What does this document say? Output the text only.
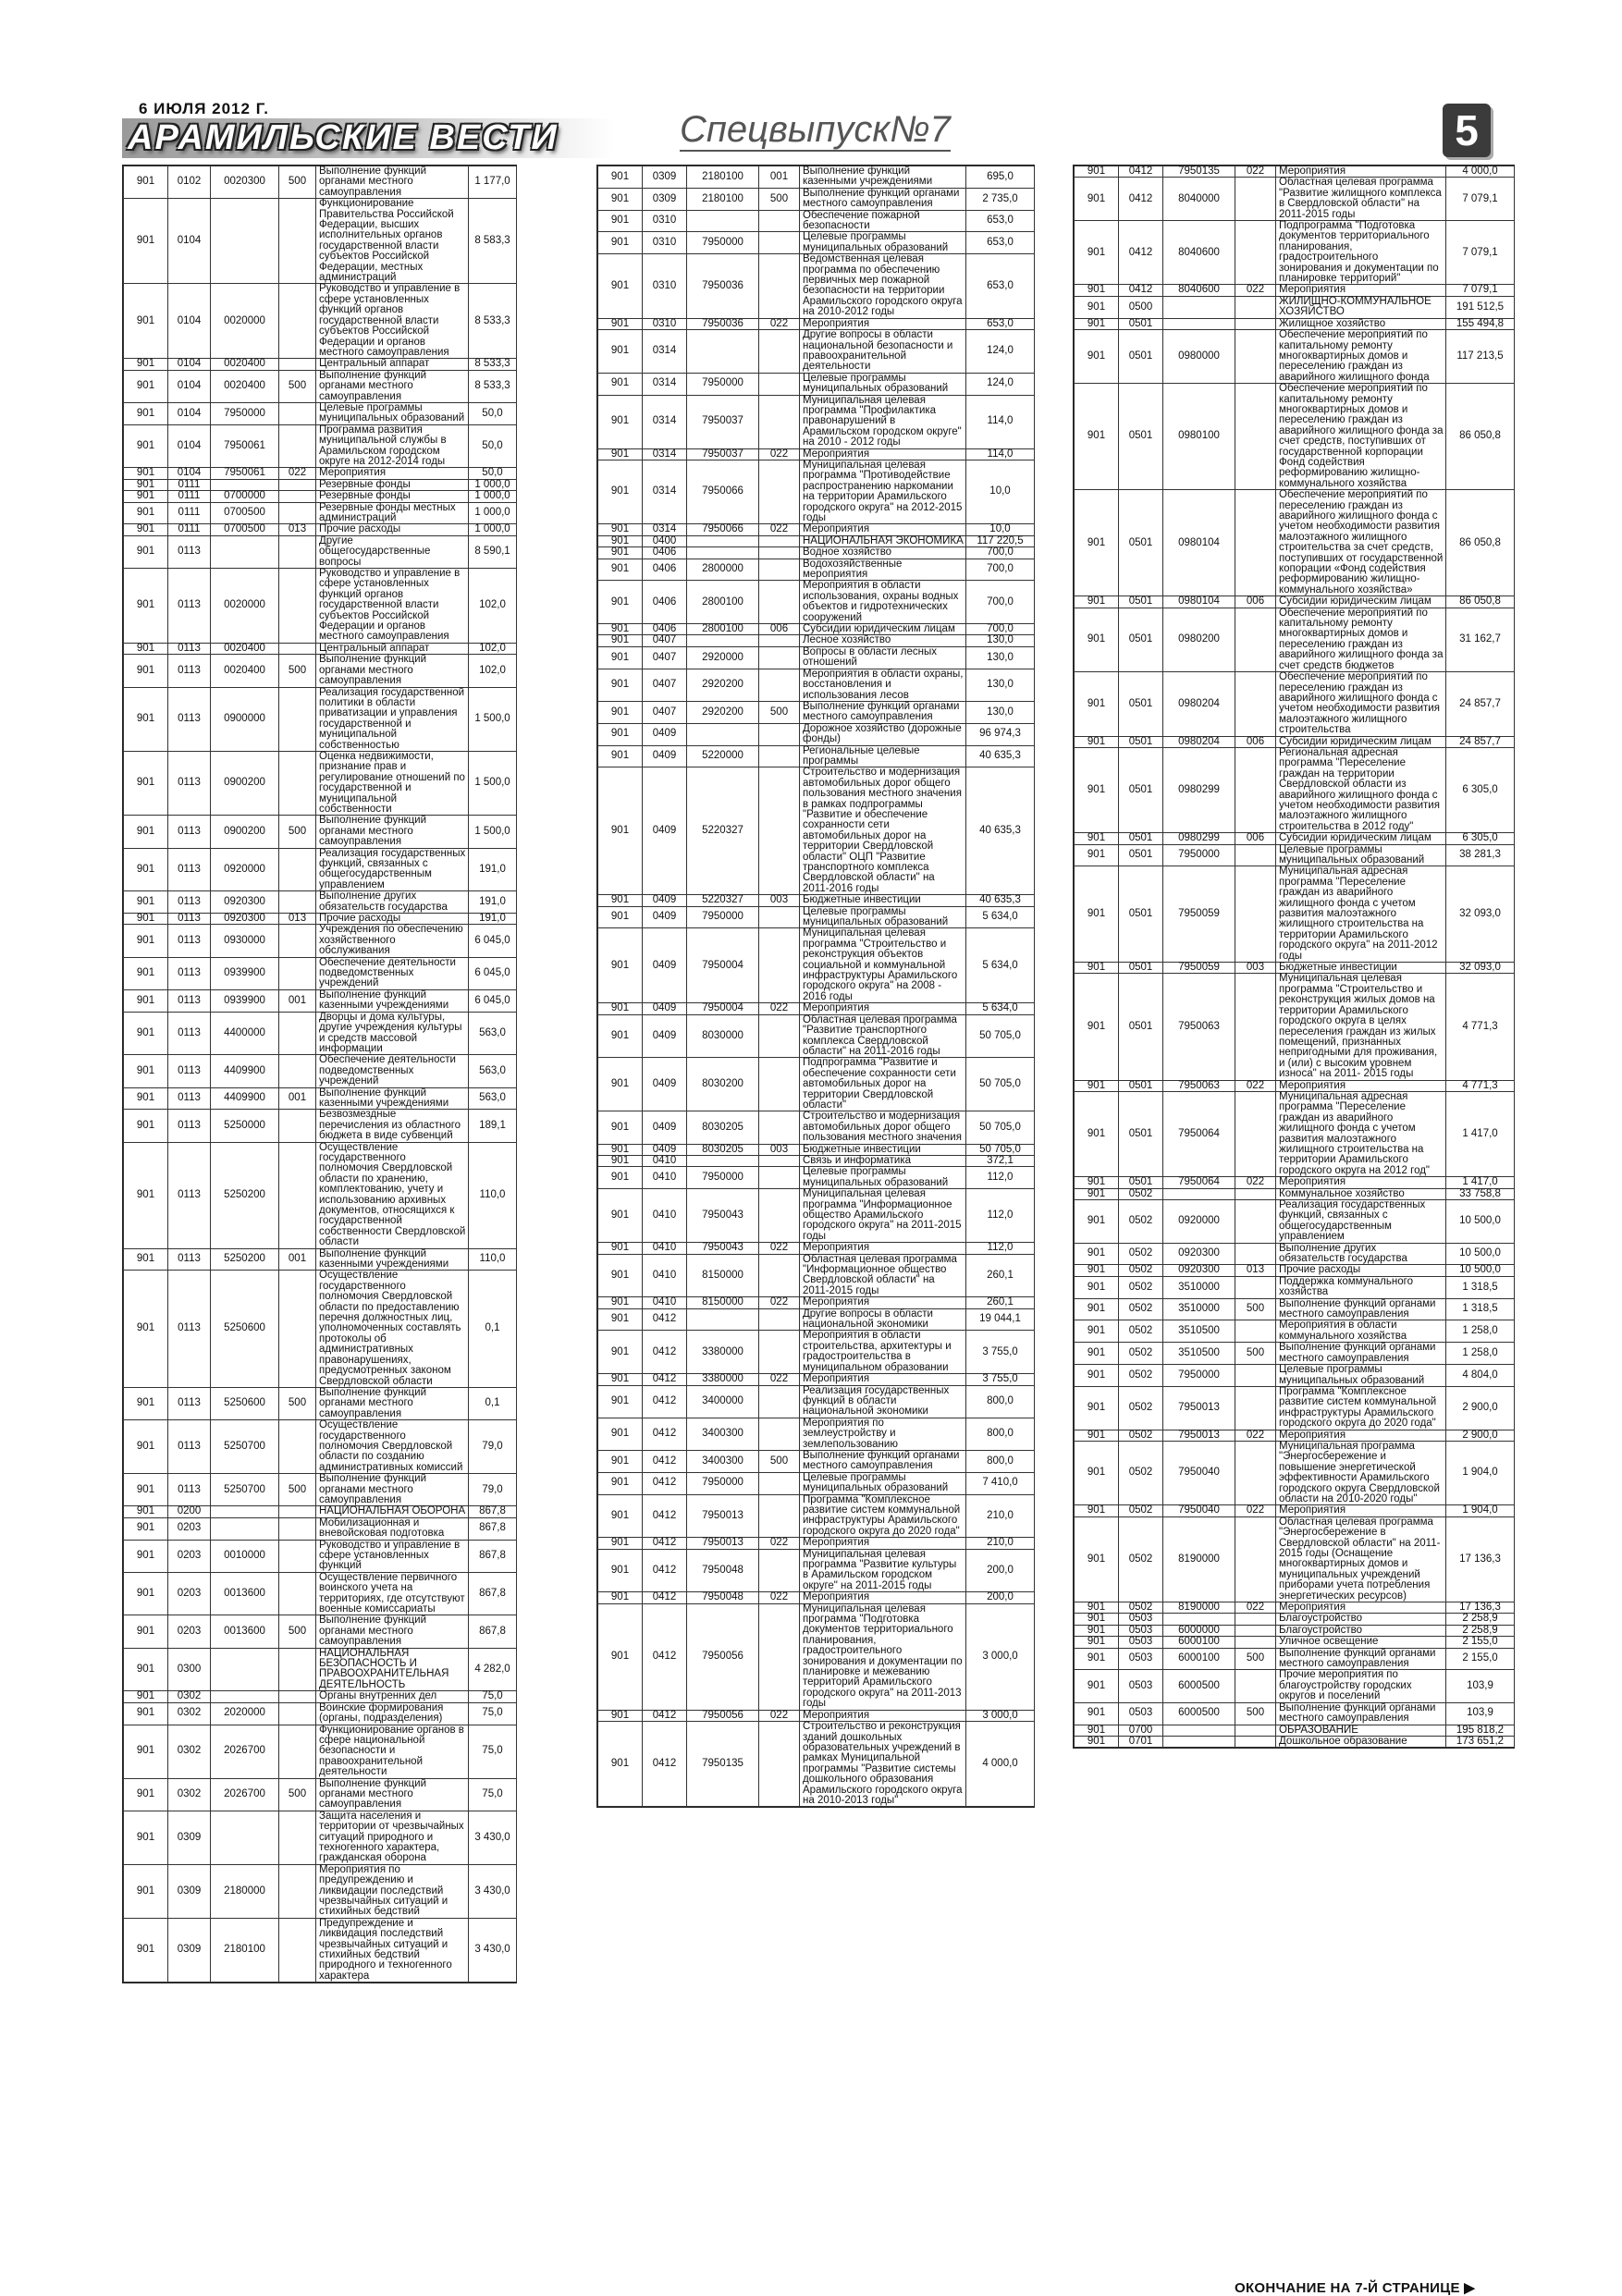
6 ИЮЛЯ 2012 Г.
АРАМИЛЬСКИЕ ВЕСТИ	Спецвыпуск№7	5
901	0102	0020300	500	Выполнение функций органами местного самоуправления	1 177,0
901	0104			Функционирование Правительства Российской Федерации, высших исполнительных органов государственной власти субъектов Российской Федерации, местных администраций	8 583,3
901	0104	0020000		Руководство и управление в сфере установленных функций органов государственной власти субъектов Российской Федерации и органов местного самоуправления	8 533,3
901	0104	0020400		Центральный аппарат	8 533,3
901	0104	0020400	500	Выполнение функций органами местного самоуправления	8 533,3
901	0104	7950000		Целевые программы муниципальных образований	50,0
901	0104	7950061		Программа развития муниципальной службы в Арамильском городском округе на 2012-2014 годы	50,0
901	0104	7950061	022	Мероприятия	50,0
901	0111			Резервные фонды	1 000,0
901	0111	0700000		Резервные фонды	1 000,0
901	0111	0700500		Резервные фонды местных администраций	1 000,0
901	0111	0700500	013	Прочие расходы	1 000,0
901	0113			Другие общегосударственные вопросы	8 590,1
901	0113	0020000		Руководство и управление в сфере установленных функций органов государственной власти субъектов Российской Федерации и органов местного самоуправления	102,0
901	0113	0020400		Центральный аппарат	102,0
901	0113	0020400	500	Выполнение функций органами местного самоуправления	102,0
901	0113	0900000		Реализация государственной политики в области приватизации и управления государственной и муниципальной собственностью	1 500,0
901	0113	0900200		Оценка недвижимости, признание прав и регулирование отношений по государственной и муниципальной собственности	1 500,0
901	0113	0900200	500	Выполнение функций органами местного самоуправления	1 500,0
901	0113	0920000		Реализация государственных функций, связанных с общегосударственным управлением	191,0
901	0113	0920300		Выполнение других обязательств государства	191,0
901	0113	0920300	013	Прочие расходы	191,0
901	0113	0930000		Учреждения по обеспечению хозяйственного обслуживания	6 045,0
901	0113	0939900		Обеспечение деятельности подведомственных учреждений	6 045,0
901	0113	0939900	001	Выполнение функций казенными учреждениями	6 045,0
901	0113	4400000		Дворцы и дома культуры, другие учреждения культуры и средств массовой информации	563,0
901	0113	4409900		Обеспечение деятельности подведомственных учреждений	563,0
901	0113	4409900	001	Выполнение функций казенными учреждениями	563,0
901	0113	5250000		Безвозмездные перечисления из областного бюджета в виде субвенций	189,1
901	0113	5250200		Осуществление государственного полномочия Свердловской области по хранению, комплектованию, учету и использованию архивных документов, относящихся к государственной собственности Свердловской области	110,0
901	0113	5250200	001	Выполнение функций казенными учреждениями	110,0
901	0113	5250600		Осуществление государственного полномочия Свердловской области по предоставлению перечня должностных лиц, уполномоченных составлять протоколы об административных правонарушениях, предусмотренных законом Свердловской области	0,1
901	0113	5250600	500	Выполнение функций органами местного самоуправления	0,1
901	0113	5250700		Осуществление государственного полномочия Свердловской области по созданию административных комиссий	79,0
901	0113	5250700	500	Выполнение функций органами местного самоуправления	79,0
901	0200			НАЦИОНАЛЬНАЯ ОБОРОНА	867,8
901	0203			Мобилизационная и вневойсковая подготовка	867,8
901	0203	0010000		Руководство и управление в сфере установленных функций	867,8
901	0203	0013600		Осуществление первичного воинского учета на территориях, где отсутствуют военные комиссариаты	867,8
901	0203	0013600	500	Выполнение функций органами местного самоуправления	867,8
901	0300			НАЦИОНАЛЬНАЯ БЕЗОПАСНОСТЬ И ПРАВООХРАНИТЕЛЬНАЯ ДЕЯТЕЛЬНОСТЬ	4 282,0
901	0302			Органы внутренних дел	75,0
901	0302	2020000		Воинские формирования (органы, подразделения)	75,0
901	0302	2026700		Функционирование органов в сфере национальной безопасности и правоохранительной деятельности	75,0
901	0302	2026700	500	Выполнение функций органами местного самоуправления	75,0
901	0309			Защита населения и территории от чрезвычайных ситуаций природного и техногенного характера, гражданская оборона	3 430,0
901	0309	2180000		Мероприятия по предупреждению и ликвидации последствий чрезвычайных ситуаций и стихийных бедствий	3 430,0
901	0309	2180100		Предупреждение и ликвидация последствий чрезвычайных ситуаций и стихийных бедствий природного и техногенного характера	3 430,0
901	0309	2180100	001	Выполнение функций казенными учреждениями	695,0
901	0309	2180100	500	Выполнение функций органами местного самоуправления	2 735,0
901	0310			Обеспечение пожарной безопасности	653,0
901	0310	7950000		Целевые программы муниципальных образований	653,0
901	0310	7950036		Ведомственная целевая программа по обеспечению первичных мер пожарной безопасности на территории Арамильского городского округа на 2010-2012 годы	653,0
901	0310	7950036	022	Мероприятия	653,0
901	0314			Другие вопросы в области национальной безопасности и правоохранительной деятельности	124,0
901	0314	7950000		Целевые программы муниципальных образований	124,0
901	0314	7950037		Муниципальная целевая программа "Профилактика правонарушений в Арамильском городском округе" на 2010 - 2012 годы	114,0
901	0314	7950037	022	Мероприятия	114,0
901	0314	7950066		Муниципальная целевая программа "Противодействие распространению наркомании на территории Арамильского городского округа" на 2012-2015 годы	10,0
901	0314	7950066	022	Мероприятия	10,0
901	0400			НАЦИОНАЛЬНАЯ ЭКОНОМИКА	117 220,5
901	0406			Водное хозяйство	700,0
901	0406	2800000		Водохозяйственные мероприятия	700,0
901	0406	2800100		Мероприятия в области использования, охраны водных объектов и гидротехнических сооружений	700,0
901	0406	2800100	006	Субсидии юридическим лицам	700,0
901	0407			Лесное хозяйство	130,0
901	0407	2920000		Вопросы в области лесных отношений	130,0
901	0407	2920200		Мероприятия в области охраны, восстановления и использования лесов	130,0
901	0407	2920200	500	Выполнение функций органами местного самоуправления	130,0
901	0409			Дорожное хозяйство (дорожные фонды)	96 974,3
901	0409	5220000		Региональные целевые программы	40 635,3
901	0409	5220327		Строительство и модернизация автомобильных дорог общего пользования местного значения в рамках подпрограммы "Развитие и обеспечение сохранности сети автомобильных дорог на территории Свердловской области" ОЦП "Развитие транспортного комплекса Свердловской области" на 2011-2016 годы	40 635,3
901	0409	5220327	003	Бюджетные инвестиции	40 635,3
901	0409	7950000		Целевые программы муниципальных образований	5 634,0
901	0409	7950004		Муниципальная целевая программа "Строительство и реконструкция объектов социальной и коммунальной инфраструктуры Арамильского городского округа" на 2008 - 2016 годы	5 634,0
901	0409	7950004	022	Мероприятия	5 634,0
901	0409	8030000		Областная целевая программа "Развитие транспортного комплекса Свердловской области" на 2011-2016 годы	50 705,0
901	0409	8030200		Подпрограмма "Развитие и обеспечение сохранности сети автомобильных дорог на территории Свердловской области"	50 705,0
901	0409	8030205		Строительство и модернизация автомобильных дорог общего пользования местного значения	50 705,0
901	0409	8030205	003	Бюджетные инвестиции	50 705,0
901	0410			Связь и информатика	372,1
901	0410	7950000		Целевые программы муниципальных образований	112,0
901	0410	7950043		Муниципальная целевая программа "Информационное общество Арамильского городского округа" на 2011-2015 годы	112,0
901	0410	7950043	022	Мероприятия	112,0
901	0410	8150000		Областная целевая программа "Информационное общество Свердловской области" на 2011-2015 годы	260,1
901	0410	8150000	022	Мероприятия	260,1
901	0412			Другие вопросы в области национальной экономики	19 044,1
901	0412	3380000		Мероприятия в области строительства, архитектуры и градостроительства в муниципальном образовании	3 755,0
901	0412	3380000	022	Мероприятия	3 755,0
901	0412	3400000		Реализация государственных функций в области национальной экономики	800,0
901	0412	3400300		Мероприятия по землеустройству и землепользованию	800,0
901	0412	3400300	500	Выполнение функций органами местного самоуправления	800,0
901	0412	7950000		Целевые программы муниципальных образований	7 410,0
901	0412	7950013		Программа "Комплексное развитие систем коммунальной инфраструктуры Арамильского городского округа до 2020 года"	210,0
901	0412	7950013	022	Мероприятия	210,0
901	0412	7950048		Муниципальная целевая программа "Развитие культуры в Арамильском городском округе" на 2011-2015 годы	200,0
901	0412	7950048	022	Мероприятия	200,0
901	0412	7950056		Муниципальная целевая программа "Подготовка документов территориального планирования, градостроительного зонирования и документации по планировке и межеванию территорий Арамильского городского округа" на 2011-2013 годы	3 000,0
901	0412	7950056	022	Мероприятия	3 000,0
901	0412	7950135		Строительство и реконструкция зданий дошкольных образовательных учреждений в рамках Муниципальной программы "Развитие системы дошкольного образования Арамильского городского округа на 2010-2013 годы"	4 000,0
901	0412	7950135	022	Мероприятия	4 000,0
901	0412	8040000		Областная целевая программа "Развитие жилищного комплекса в Свердловской области" на 2011-2015 годы	7 079,1
901	0412	8040600		Подпрограмма "Подготовка документов территориального планирования, градостроительного зонирования и документации по планировке территорий"	7 079,1
901	0412	8040600	022	Мероприятия	7 079,1
901	0500			ЖИЛИЩНО-КОММУНАЛЬНОЕ ХОЗЯЙСТВО	191 512,5
901	0501			Жилищное хозяйство	155 494,8
901	0501	0980000		Обеспечение мероприятий по капитальному ремонту многоквартирных домов и переселению граждан из аварийного жилищного фонда	117 213,5
901	0501	0980100		Обеспечение мероприятий по капитальному ремонту многоквартирных домов и переселению граждан из аварийного жилищного фонда за счет средств, поступивших от государственной корпорации Фонд содействия реформированию жилищно-коммунального хозяйства	86 050,8
901	0501	0980104		Обеспечение мероприятий по переселению граждан из аварийного жилищного фонда с учетом необходимости развития малоэтажного жилищного строительства за счет средств, поступивших от государственной копорации «Фонд содействия реформированию жилищно-коммунального хозяйства»	86 050,8
901	0501	0980104	006	Субсидии юридическим лицам	86 050,8
901	0501	0980200		Обеспечение мероприятий по капитальному ремонту многоквартирных домов и переселению граждан из аварийного жилищного фонда за счет средств бюджетов	31 162,7
901	0501	0980204		Обеспечение мероприятий по переселению граждан из аварийного жилищного фонда с учетом необходимости развития малоэтажного жилищного строительства	24 857,7
901	0501	0980204	006	Субсидии юридическим лицам	24 857,7
901	0501	0980299		Региональная адресная программа "Переселение граждан на территории Свердловской области из аварийного жилищного фонда с учетом необходимости развития малоэтажного жилищного строительства в 2012 году"	6 305,0
901	0501	0980299	006	Субсидии юридическим лицам	6 305,0
901	0501	7950000		Целевые программы муниципальных образований	38 281,3
901	0501	7950059		Муниципальная адресная программа "Переселение граждан из аварийного жилищного фонда с учетом развития малоэтажного жилищного строительства на территории Арамильского городского округа" на 2011-2012 годы	32 093,0
901	0501	7950059	003	Бюджетные инвестиции	32 093,0
901	0501	7950063		Муниципальная целевая программа "Строительство и реконструкция жилых домов на территории Арамильского городского округа в целях переселения граждан из жилых помещений, признанных непригодными для проживания, и (или) с высоким уровнем износа" на 2011- 2015 годы	4 771,3
901	0501	7950063	022	Мероприятия	4 771,3
901	0501	7950064		Муниципальная адресная программа "Переселение граждан из аварийного жилищного фонда с учетом развития малоэтажного жилищного строительства на территории Арамильского городского округа на 2012 год"	1 417,0
901	0501	7950064	022	Мероприятия	1 417,0
901	0502			Коммунальное хозяйство	33 758,8
901	0502	0920000		Реализация государственных функций, связанных с общегосударственным управлением	10 500,0
901	0502	0920300		Выполнение других обязательств государства	10 500,0
901	0502	0920300	013	Прочие расходы	10 500,0
901	0502	3510000		Поддержка коммунального хозяйства	1 318,5
901	0502	3510000	500	Выполнение функций органами местного самоуправления	1 318,5
901	0502	3510500		Мероприятия в области коммунального хозяйства	1 258,0
901	0502	3510500	500	Выполнение функций органами местного самоуправления	1 258,0
901	0502	7950000		Целевые программы муниципальных образований	4 804,0
901	0502	7950013		Программа "Комплексное развитие систем коммунальной инфраструктуры Арамильского городского округа до 2020 года"	2 900,0
901	0502	7950013	022	Мероприятия	2 900,0
901	0502	7950040		Муниципальная программа "Энергосбережение и повышение энергетической эффективности Арамильского городского округа Свердловской области на 2010-2020 годы"	1 904,0
901	0502	7950040	022	Мероприятия	1 904,0
901	0502	8190000		Областная целевая программа "Энергосбережение в Свердловской области" на 2011-2015 годы (Оснащение многоквартирных домов и муниципальных учреждений приборами учета потребления энергетических ресурсов)	17 136,3
901	0502	8190000	022	Мероприятия	17 136,3
901	0503			Благоустройство	2 258,9
901	0503	6000000		Благоустройство	2 258,9
901	0503	6000100		Уличное освещение	2 155,0
901	0503	6000100	500	Выполнение функций органами местного самоуправления	2 155,0
901	0503	6000500		Прочие мероприятия по благоустройству городских округов и поселений	103,9
901	0503	6000500	500	Выполнение функций органами местного самоуправления	103,9
901	0700			ОБРАЗОВАНИЕ	195 818,2
901	0701			Дошкольное образование	173 651,2
ОКОНЧАНИЕ НА 7-Й СТРАНИЦЕ ▶
